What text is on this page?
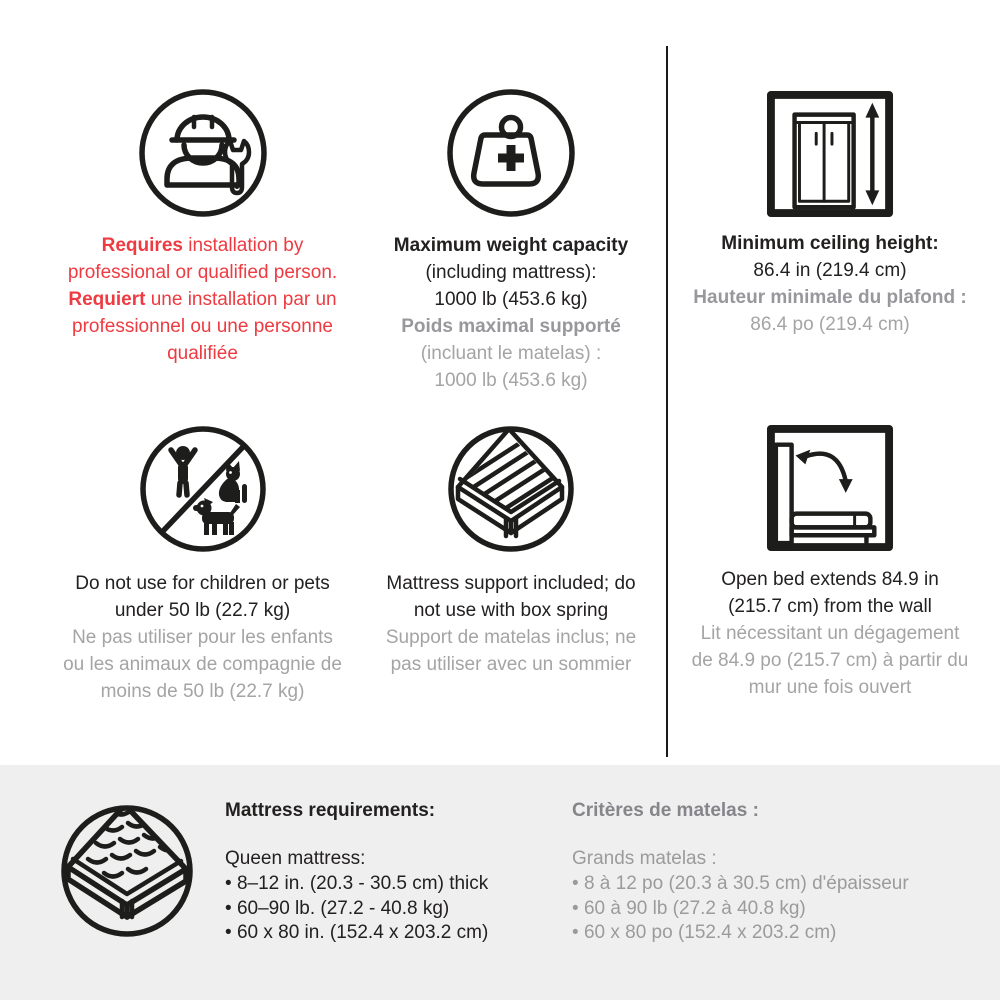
Requires installation by
professional or qualified person.
Requiert une installation par un
professionnel ou une personne
qualifiée
Maximum weight capacity
(including mattress):
1000 lb (453.6 kg)
Poids maximal supporté
(incluant le matelas) :
1000 lb (453.6 kg)
Minimum ceiling height:
86.4 in (219.4 cm)
Hauteur minimale du plafond :
86.4 po (219.4 cm)
Do not use for children or pets
under 50 lb (22.7 kg)
Ne pas utiliser pour les enfants
ou les animaux de compagnie de
moins de 50 lb (22.7 kg)
Mattress support included; do
not use with box spring
Support de matelas inclus; ne
pas utiliser avec un sommier
Open bed extends 84.9 in
(215.7 cm) from the wall
Lit nécessitant un dégagement
de 84.9 po (215.7 cm) à partir du
mur une fois ouvert
Mattress requirements:
Queen mattress:
• 8–12 in. (20.3 - 30.5 cm) thick
• 60–90 lb. (27.2 - 40.8 kg)
• 60 x 80 in. (152.4 x 203.2 cm)
Critères de matelas :
Grands matelas :
• 8 à 12 po (20.3 à 30.5 cm) d'épaisseur
• 60 à 90 lb (27.2 à 40.8 kg)
• 60 x 80 po (152.4 x 203.2 cm)
